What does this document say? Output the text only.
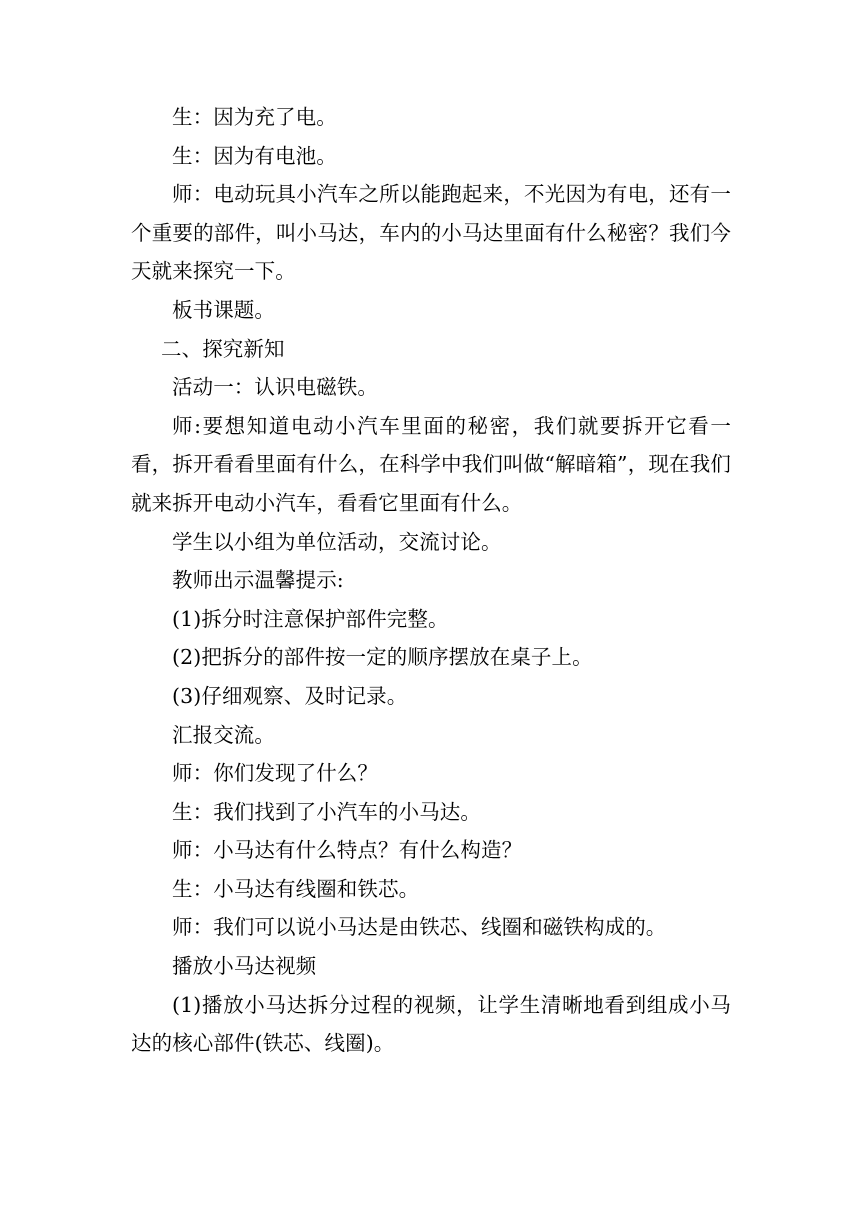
生：因为充了电。

生：因为有电池。

师：电动玩具小汽车之所以能跑起来，不光因为有电，还有一个重要的部件，叫小马达，车内的小马达里面有什么秘密？我们今天就来探究一下。

板书课题。

二、探究新知

活动一：认识电磁铁。

师:要想知道电动小汽车里面的秘密，我们就要拆开它看一看，拆开看看里面有什么，在科学中我们叫做“解暗箱”，现在我们就来拆开电动小汽车，看看它里面有什么。

学生以小组为单位活动，交流讨论。

教师出示温馨提示:

(1)拆分时注意保护部件完整。

(2)把拆分的部件按一定的顺序摆放在桌子上。

(3)仔细观察、及时记录。

汇报交流。

师：你们发现了什么？

生：我们找到了小汽车的小马达。

师：小马达有什么特点？有什么构造？

生：小马达有线圈和铁芯。

师：我们可以说小马达是由铁芯、线圈和磁铁构成的。

播放小马达视频

(1)播放小马达拆分过程的视频，让学生清晰地看到组成小马达的核心部件(铁芯、线圈)。
